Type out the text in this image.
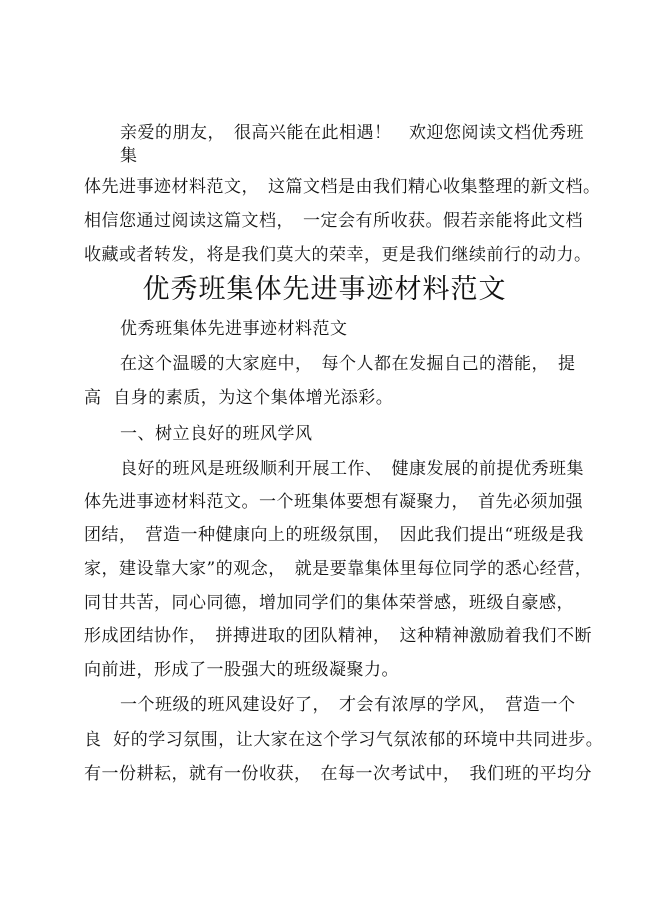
亲爱的朋友，　很高兴能在此相遇！　欢迎您阅读文档优秀班
集
体先进事迹材料范文，　这篇文档是由我们精心收集整理的新文档。
相信您通过阅读这篇文档，　一定会有所收获。假若亲能将此文档
收藏或者转发，将是我们莫大的荣幸，更是我们继续前行的动力。
优秀班集体先进事迹材料范文
优秀班集体先进事迹材料范文
在这个温暖的大家庭中，　每个人都在发掘自己的潜能，　提
高  自身的素质，为这个集体增光添彩。
一、树立良好的班风学风
良好的班风是班级顺利开展工作、　健康发展的前提优秀班集
体先进事迹材料范文。一个班集体要想有凝聚力，　首先必须加强
团结，　营造一种健康向上的班级氛围，　因此我们提出“班级是我
家，建设靠大家”的观念，　就是要靠集体里每位同学的悉心经营，
同甘共苦，同心同德，增加同学们的集体荣誉感，班级自豪感，
形成团结协作，　拼搏进取的团队精神，　这种精神激励着我们不断
向前进，形成了一股强大的班级凝聚力。
一个班级的班风建设好了，　才会有浓厚的学风，　营造一个
良  好的学习氛围，让大家在这个学习气氛浓郁的环境中共同进步。
有一份耕耘，就有一份收获，　在每一次考试中，　我们班的平均分
